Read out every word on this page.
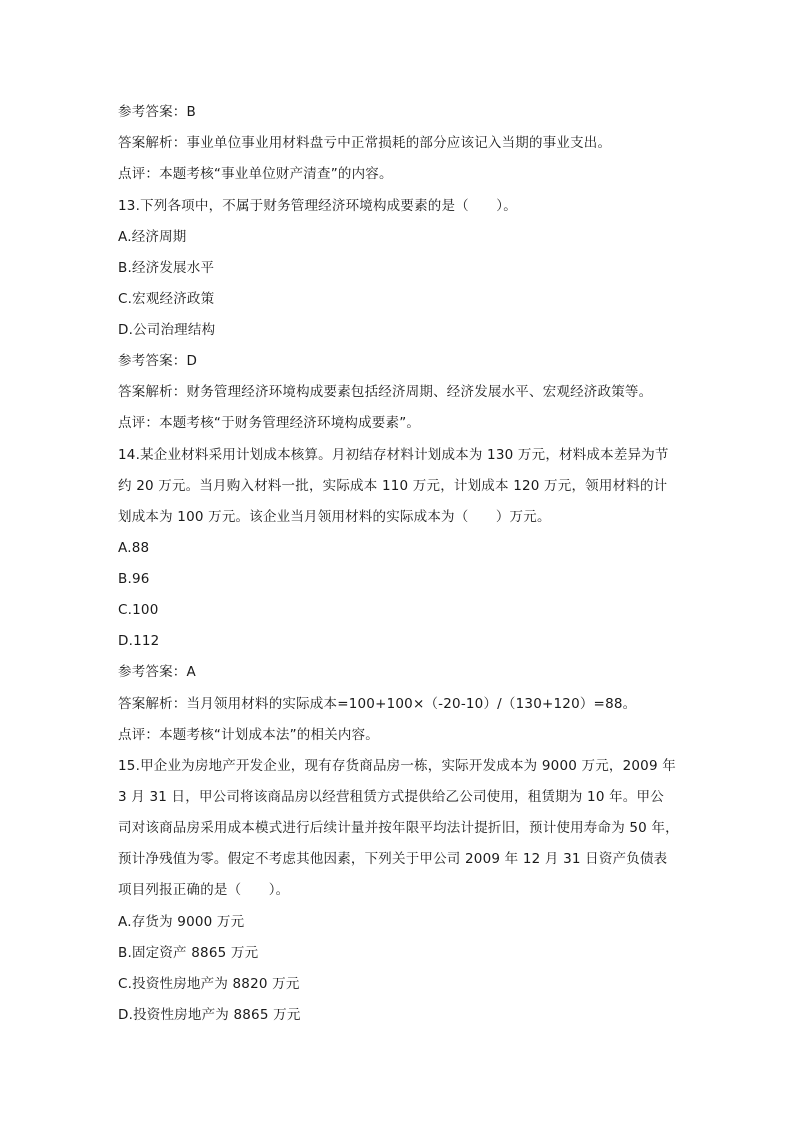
参考答案：B
答案解析：事业单位事业用材料盘亏中正常损耗的部分应该记入当期的事业支出。
点评：本题考核“事业单位财产清查”的内容。
13.下列各项中，不属于财务管理经济环境构成要素的是（　　）。
A.经济周期
B.经济发展水平
C.宏观经济政策
D.公司治理结构
参考答案：D
答案解析：财务管理经济环境构成要素包括经济周期、经济发展水平、宏观经济政策等。
点评：本题考核“于财务管理经济环境构成要素”。
14.某企业材料采用计划成本核算。月初结存材料计划成本为 130 万元，材料成本差异为节
约 20 万元。当月购入材料一批，实际成本 110 万元，计划成本 120 万元，领用材料的计
划成本为 100 万元。该企业当月领用材料的实际成本为（　　）万元。
A.88
B.96
C.100
D.112
参考答案：A
答案解析：当月领用材料的实际成本=100+100×（-20-10）/（130+120）=88。
点评：本题考核“计划成本法”的相关内容。
15.甲企业为房地产开发企业，现有存货商品房一栋，实际开发成本为 9000 万元，2009 年
3 月 31 日，甲公司将该商品房以经营租赁方式提供给乙公司使用，租赁期为 10 年。甲公
司对该商品房采用成本模式进行后续计量并按年限平均法计提折旧，预计使用寿命为 50 年，
预计净残值为零。假定不考虑其他因素，下列关于甲公司 2009 年 12 月 31 日资产负债表
项目列报正确的是（　　）。
A.存货为 9000 万元
B.固定资产 8865 万元
C.投资性房地产为 8820 万元
D.投资性房地产为 8865 万元
